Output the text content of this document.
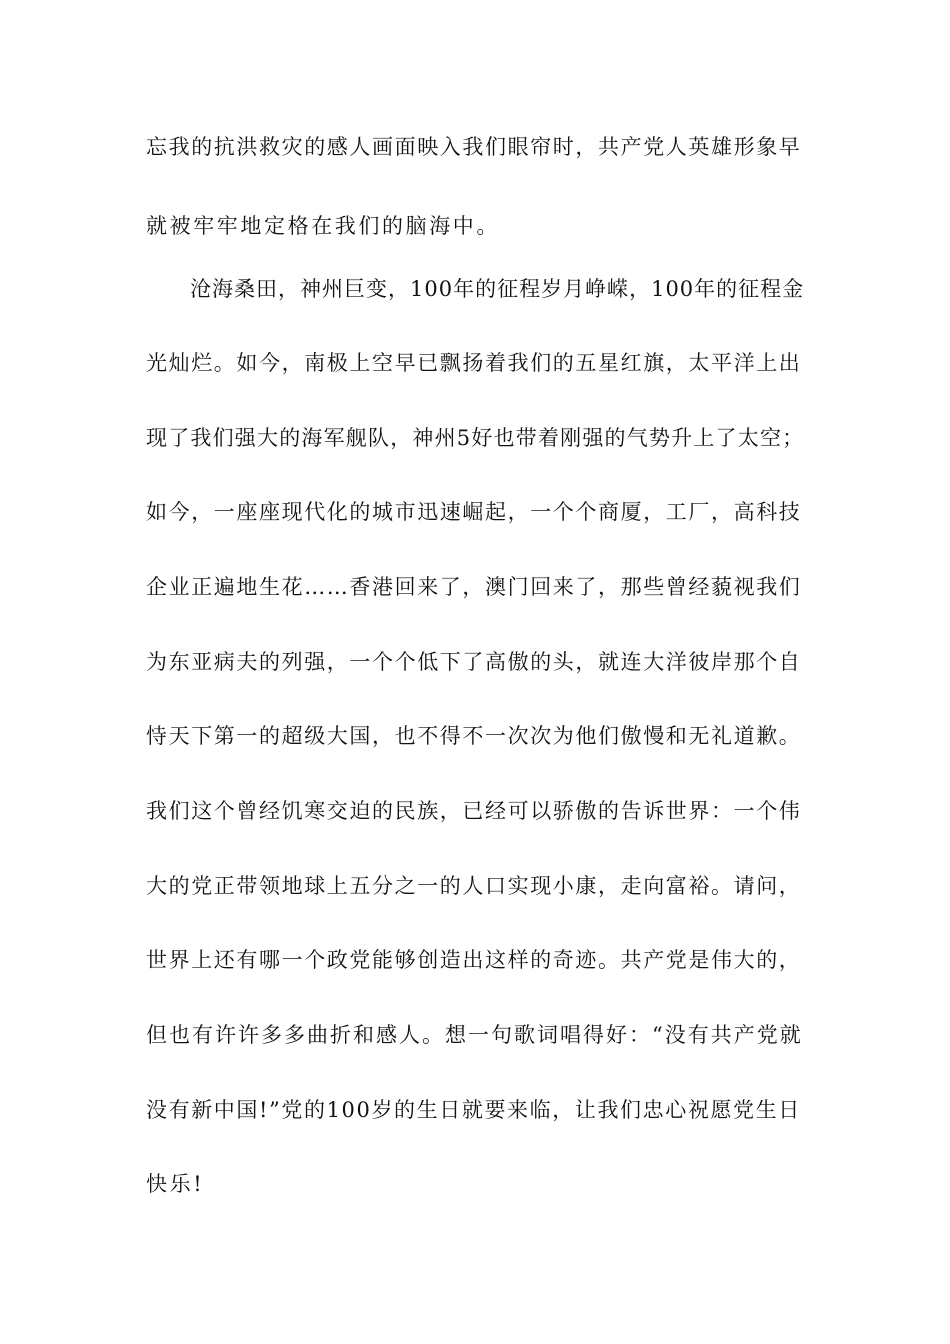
忘我的抗洪救灾的感人画面映入我们眼帘时，共产党人英雄形象早
就被牢牢地定格在我们的脑海中。
沧海桑田，神州巨变，100年的征程岁月峥嵘，100年的征程金
光灿烂。如今，南极上空早已飘扬着我们的五星红旗，太平洋上出
现了我们强大的海军舰队，神州5好也带着刚强的气势升上了太空；
如今，一座座现代化的城市迅速崛起，一个个商厦，工厂，高科技
企业正遍地生花……香港回来了，澳门回来了，那些曾经藐视我们
为东亚病夫的列强，一个个低下了高傲的头，就连大洋彼岸那个自
恃天下第一的超级大国，也不得不一次次为他们傲慢和无礼道歉。
我们这个曾经饥寒交迫的民族，已经可以骄傲的告诉世界：一个伟
大的党正带领地球上五分之一的人口实现小康，走向富裕。请问，
世界上还有哪一个政党能够创造出这样的奇迹。共产党是伟大的，
但也有许许多多曲折和感人。想一句歌词唱得好：“没有共产党就
没有新中国!”党的100岁的生日就要来临，让我们忠心祝愿党生日
快乐!
